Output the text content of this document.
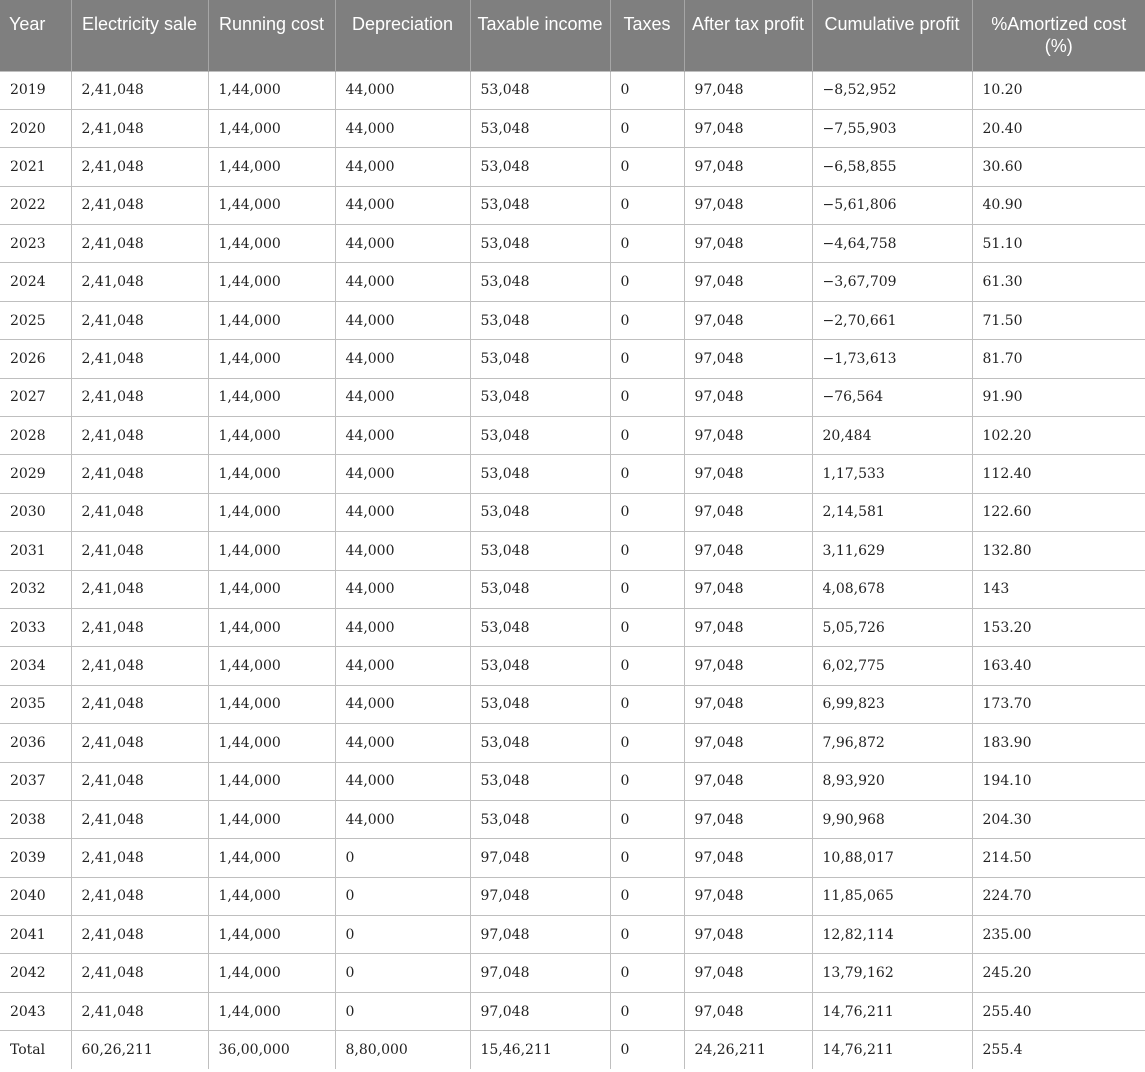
Year	Electricity sale	Running cost	Depreciation	Taxable income	Taxes	After tax profit	Cumulative profit	%Amortized cost (%)
2019	2,41,048	1,44,000	44,000	53,048	0	97,048	−8,52,952	10.20
2020	2,41,048	1,44,000	44,000	53,048	0	97,048	−7,55,903	20.40
2021	2,41,048	1,44,000	44,000	53,048	0	97,048	−6,58,855	30.60
2022	2,41,048	1,44,000	44,000	53,048	0	97,048	−5,61,806	40.90
2023	2,41,048	1,44,000	44,000	53,048	0	97,048	−4,64,758	51.10
2024	2,41,048	1,44,000	44,000	53,048	0	97,048	−3,67,709	61.30
2025	2,41,048	1,44,000	44,000	53,048	0	97,048	−2,70,661	71.50
2026	2,41,048	1,44,000	44,000	53,048	0	97,048	−1,73,613	81.70
2027	2,41,048	1,44,000	44,000	53,048	0	97,048	−76,564	91.90
2028	2,41,048	1,44,000	44,000	53,048	0	97,048	20,484	102.20
2029	2,41,048	1,44,000	44,000	53,048	0	97,048	1,17,533	112.40
2030	2,41,048	1,44,000	44,000	53,048	0	97,048	2,14,581	122.60
2031	2,41,048	1,44,000	44,000	53,048	0	97,048	3,11,629	132.80
2032	2,41,048	1,44,000	44,000	53,048	0	97,048	4,08,678	143
2033	2,41,048	1,44,000	44,000	53,048	0	97,048	5,05,726	153.20
2034	2,41,048	1,44,000	44,000	53,048	0	97,048	6,02,775	163.40
2035	2,41,048	1,44,000	44,000	53,048	0	97,048	6,99,823	173.70
2036	2,41,048	1,44,000	44,000	53,048	0	97,048	7,96,872	183.90
2037	2,41,048	1,44,000	44,000	53,048	0	97,048	8,93,920	194.10
2038	2,41,048	1,44,000	44,000	53,048	0	97,048	9,90,968	204.30
2039	2,41,048	1,44,000	0	97,048	0	97,048	10,88,017	214.50
2040	2,41,048	1,44,000	0	97,048	0	97,048	11,85,065	224.70
2041	2,41,048	1,44,000	0	97,048	0	97,048	12,82,114	235.00
2042	2,41,048	1,44,000	0	97,048	0	97,048	13,79,162	245.20
2043	2,41,048	1,44,000	0	97,048	0	97,048	14,76,211	255.40
Total	60,26,211	36,00,000	8,80,000	15,46,211	0	24,26,211	14,76,211	255.4
